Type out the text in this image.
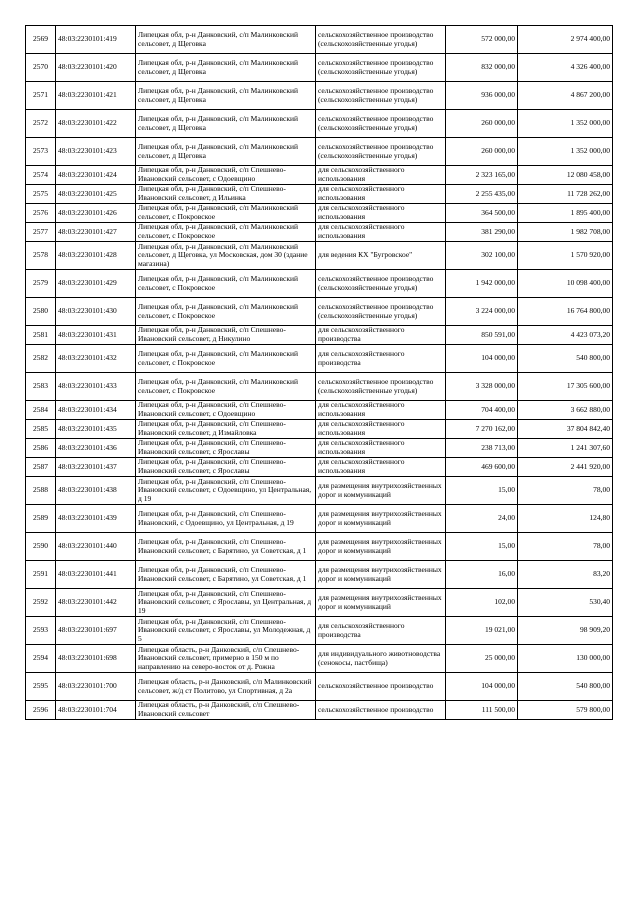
2569	48:03:2230101:419	Липецкая обл, р-н Данковский, с/п Малинковский сельсовет, д Щеговка	сельскохозяйственное производство (сельскохозяйственные угодья)	572 000,00	2 974 400,00
2570	48:03:2230101:420	Липецкая обл, р-н Данковский, с/п Малинковский сельсовет, д Щеговка	сельскохозяйственное производство (сельскохозяйственные угодья)	832 000,00	4 326 400,00
2571	48:03:2230101:421	Липецкая обл, р-н Данковский, с/п Малинковский сельсовет, д Щеговка	сельскохозяйственное производство (сельскохозяйственные угодья)	936 000,00	4 867 200,00
2572	48:03:2230101:422	Липецкая обл, р-н Данковский, с/п Малинковский сельсовет, д Щеговка	сельскохозяйственное производство (сельскохозяйственные угодья)	260 000,00	1 352 000,00
2573	48:03:2230101:423	Липецкая обл, р-н Данковский, с/п Малинковский сельсовет, д Щеговка	сельскохозяйственное производство (сельскохозяйственные угодья)	260 000,00	1 352 000,00
2574	48:03:2230101:424	Липецкая обл, р-н Данковский, с/п Спешнево-Ивановский сельсовет, с Одоевщино	для сельскохозяйственного использования	2 323 165,00	12 080 458,00
2575	48:03:2230101:425	Липецкая обл, р-н Данковский, с/п Спешнево-Ивановский сельсовет, д Ильинка	для сельскохозяйственного использования	2 255 435,00	11 728 262,00
2576	48:03:2230101:426	Липецкая обл, р-н Данковский, с/п Малинковский сельсовет, с Покровское	для сельскохозяйственного использования	364 500,00	1 895 400,00
2577	48:03:2230101:427	Липецкая обл, р-н Данковский, с/п Малинковский сельсовет, с Покровское	для сельскохозяйственного использования	381 290,00	1 982 708,00
2578	48:03:2230101:428	Липецкая обл, р-н Данковский, с/п Малинковский сельсовет, д Щеговка, ул Московская, дом 30 (здание магазина)	для ведения КХ "Бугровское"	302 100,00	1 570 920,00
2579	48:03:2230101:429	Липецкая обл, р-н Данковский, с/п Малинковский сельсовет, с Покровское	сельскохозяйственное производство (сельскохозяйственные угодья)	1 942 000,00	10 098 400,00
2580	48:03:2230101:430	Липецкая обл, р-н Данковский, с/п Малинковский сельсовет, с Покровское	сельскохозяйственное производство (сельскохозяйственные угодья)	3 224 000,00	16 764 800,00
2581	48:03:2230101:431	Липецкая обл, р-н Данковский, с/п Спешнево-Ивановский сельсовет, д Никулино	для сельскохозяйственного производства	850 591,00	4 423 073,20
2582	48:03:2230101:432	Липецкая обл, р-н Данковский, с/п Малинковский сельсовет, с Покровское	для сельскохозяйственного производства	104 000,00	540 800,00
2583	48:03:2230101:433	Липецкая обл, р-н Данковский, с/п Малинковский сельсовет, с Покровское	сельскохозяйственное производство (сельскохозяйственные угодья)	3 328 000,00	17 305 600,00
2584	48:03:2230101:434	Липецкая обл, р-н Данковский, с/п Спешнево-Ивановский сельсовет, с Одоевщино	для сельскохозяйственного использования	704 400,00	3 662 880,00
2585	48:03:2230101:435	Липецкая обл, р-н Данковский, с/п Спешнево-Ивановский сельсовет, д Измайловка	для сельскохозяйственного использования	7 270 162,00	37 804 842,40
2586	48:03:2230101:436	Липецкая обл, р-н Данковский, с/п Спешнево-Ивановский сельсовет, с Ярославы	для сельскохозяйственного использования	238 713,00	1 241 307,60
2587	48:03:2230101:437	Липецкая обл, р-н Данковский, с/п Спешнево-Ивановский сельсовет, с Ярославы	для сельскохозяйственного использования	469 600,00	2 441 920,00
2588	48:03:2230101:438	Липецкая обл, р-н Данковский, с/п Спешнево-Ивановский сельсовет, с Одоевщино, ул Центральная, д 19	для размещения внутрихозяйственных дорог и коммуникаций	15,00	78,00
2589	48:03:2230101:439	Липецкая обл, р-н Данковский, с/п Спешнево-Ивановский, с Одоевщино, ул Центральная, д 19	для размещения внутрихозяйственных дорог и коммуникаций	24,00	124,80
2590	48:03:2230101:440	Липецкая обл, р-н Данковский, с/п Спешнево-Ивановский сельсовет, с Барятино, ул Советская, д 1	для размещения внутрихозяйственных дорог и коммуникаций	15,00	78,00
2591	48:03:2230101:441	Липецкая обл, р-н Данковский, с/п Спешнево-Ивановский сельсовет, с Барятино, ул Советская, д 1	для размещения внутрихозяйственных дорог и коммуникаций	16,00	83,20
2592	48:03:2230101:442	Липецкая обл, р-н Данковский, с/п Спешнево-Ивановский сельсовет, с Ярославы, ул Центральная, д 19	для размещения внутрихозяйственных дорог и коммуникаций	102,00	530,40
2593	48:03:2230101:697	Липецкая обл, р-н Данковский, с/п Спешнево-Ивановский сельсовет, с Ярославы, ул Молодежная, д 5	для сельскохозяйственного производства	19 021,00	98 909,20
2594	48:03:2230101:698	Липецкая область, р-н Данковский, с/п Спешнево-Ивановский сельсовет, примерно в 150 м по направлению на северо-восток от д. Рожна	для индивидуального животноводства (сенокосы, пастбища)	25 000,00	130 000,00
2595	48:03:2230101:700	Липецкая область, р-н Данковский, с/п Малинковский сельсовет, ж/д ст Политово, ул Спортивная, д 2а	сельскохозяйственное производство	104 000,00	540 800,00
2596	48:03:2230101:704	Липецкая область, р-н Данковский, с/п Спешнево-Ивановский сельсовет	сельскохозяйственное производство	111 500,00	579 800,00
